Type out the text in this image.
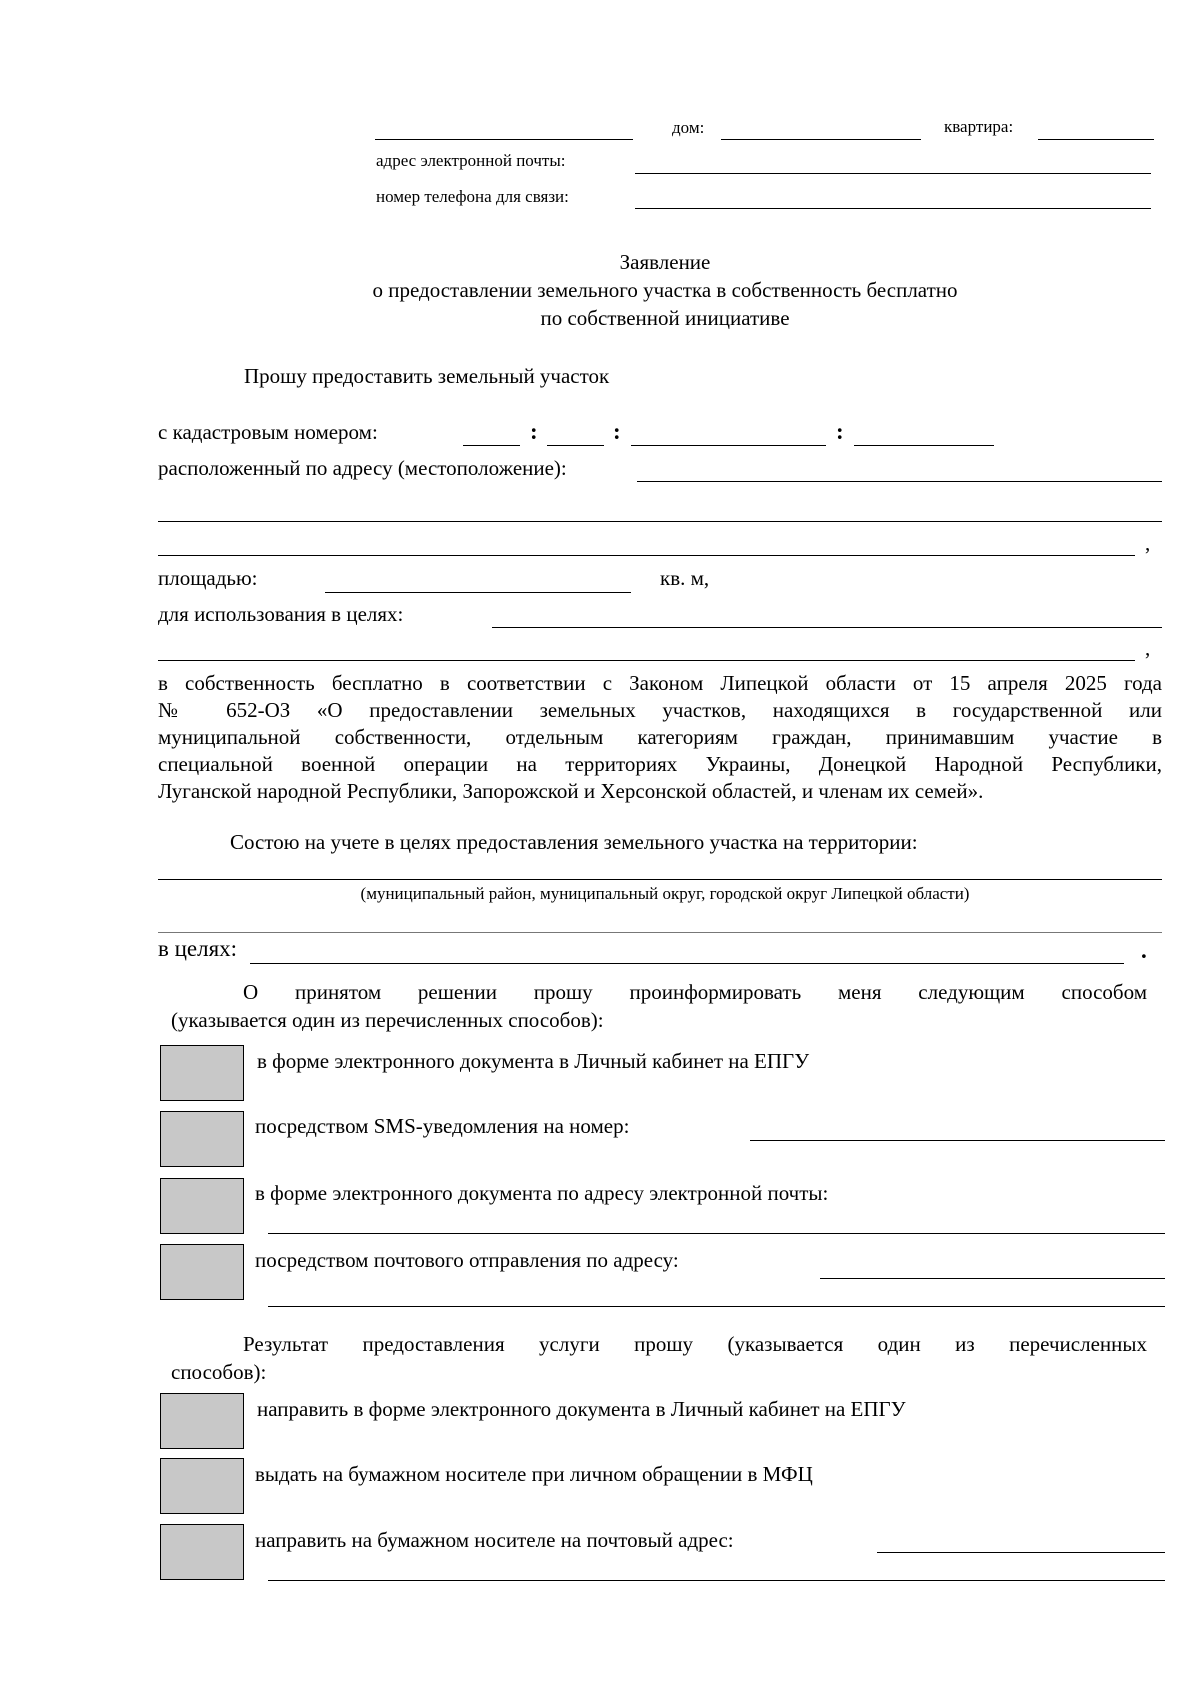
дом:	квартира:
адрес электронной почты:
номер телефона для связи:
Заявление
о предоставлении земельного участка в собственность бесплатно
по собственной инициативе
Прошу предоставить земельный участок
с кадастровым номером:	:	:	:
расположенный по адресу (местоположение):
,
площадью:	кв. м,
для использования в целях:
,
в собственность бесплатно в соответствии с Законом Липецкой области от 15 апреля 2025 года
№ 652-ОЗ «О предоставлении земельных участков, находящихся в государственной или
муниципальной собственности, отдельным категориям граждан, принимавшим участие в
специальной военной операции на территориях Украины, Донецкой Народной Республики,
Луганской народной Республики, Запорожской и Херсонской областей, и членам их семей».
Состою на учете в целях предоставления земельного участка на территории:
(муниципальный район, муниципальный округ, городской округ Липецкой области)
в целях:	.
О принятом решении прошу проинформировать меня следующим способом
(указывается один из перечисленных способов):
в форме электронного документа в Личный кабинет на ЕПГУ
посредством SMS-уведомления на номер:
в форме электронного документа по адресу электронной почты:
посредством почтового отправления по адресу:
Результат предоставления услуги прошу (указывается один из перечисленных
способов):
направить в форме электронного документа в Личный кабинет на ЕПГУ
выдать на бумажном носителе при личном обращении в МФЦ
направить на бумажном носителе на почтовый адрес:
